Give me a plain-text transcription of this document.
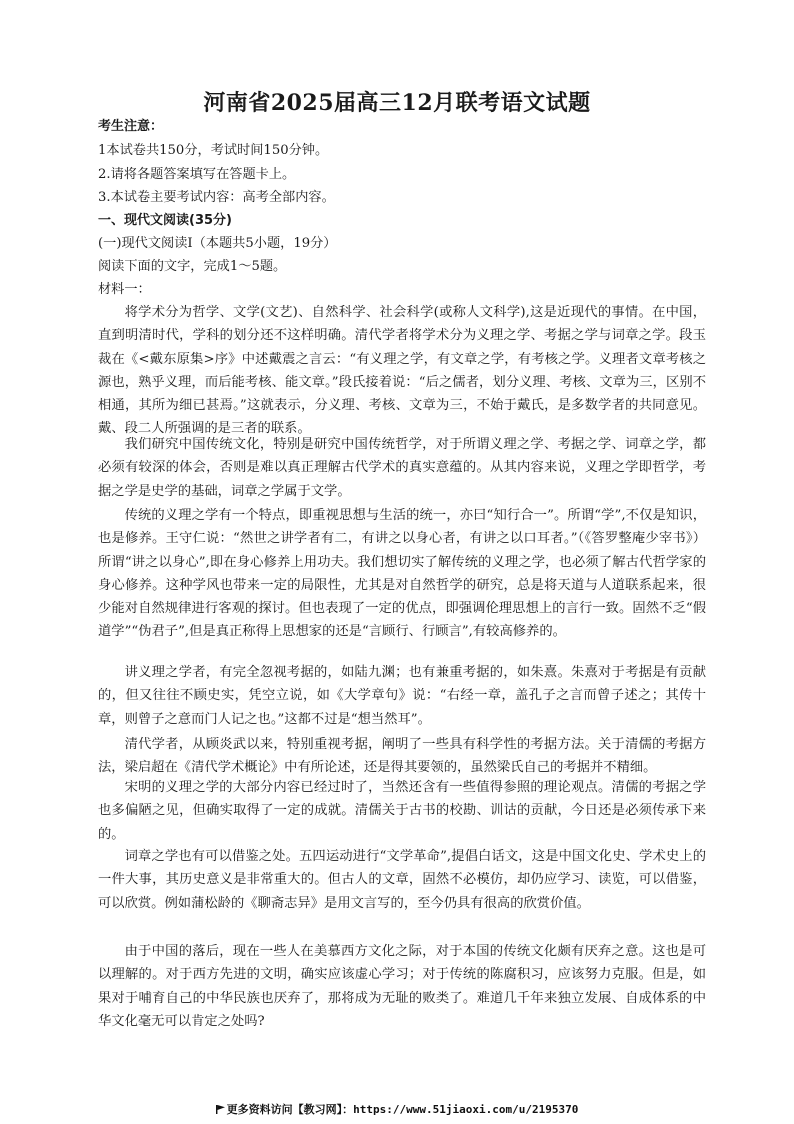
河南省2025届高三12月联考语文试题
考生注意：
1本试卷共150分，考试时间150分钟。
2.请将各题答案填写在答题卡上。
3.本试卷主要考试内容：高考全部内容。
一、现代文阅读(35分)
(一)现代文阅读Ⅰ（本题共5小题，19分）
阅读下面的文字，完成1～5题。
材料一：

将学术分为哲学、文学(文艺)、自然科学、社会科学(或称人文科学),这是近现代的事情。在中国，直到明清时代，学科的划分还不这样明确。清代学者将学术分为义理之学、考据之学与词章之学。段玉裁在《<戴东原集>序》中述戴震之言云：“有义理之学，有文章之学，有考核之学。义理者文章考核之源也，熟乎义理，而后能考核、能文章。”段氏接着说：“后之儒者，划分义理、考核、文章为三，区别不相通，其所为细已甚焉。”这就表示，分义理、考核、文章为三，不始于戴氏，是多数学者的共同意见。戴、段二人所强调的是三者的联系。

我们研究中国传统文化，特别是研究中国传统哲学，对于所谓义理之学、考据之学、词章之学，都必须有较深的体会，否则是难以真正理解古代学术的真实意蕴的。从其内容来说，义理之学即哲学，考据之学是史学的基础，词章之学属于文学。

传统的义理之学有一个特点，即重视思想与生活的统一，亦曰“知行合一”。所谓“学”,不仅是知识，也是修养。王守仁说：“然世之讲学者有二，有讲之以身心者，有讲之以口耳者。”（《答罗整庵少宰书》）所谓“讲之以身心”,即在身心修养上用功夫。我们想切实了解传统的义理之学，也必须了解古代哲学家的身心修养。这种学风也带来一定的局限性，尤其是对自然哲学的研究，总是将天道与人道联系起来，很少能对自然规律进行客观的探讨。但也表现了一定的优点，即强调伦理思想上的言行一致。固然不乏“假道学”“伪君子”,但是真正称得上思想家的还是“言顾行、行顾言”,有较高修养的。

讲义理之学者，有完全忽视考据的，如陆九渊；也有兼重考据的，如朱熹。朱熹对于考据是有贡献的，但又往往不顾史实，凭空立说，如《大学章句》说：“右经一章，盖孔子之言而曾子述之；其传十章，则曾子之意而门人记之也。”这都不过是“想当然耳”。

清代学者，从顾炎武以来，特别重视考据，阐明了一些具有科学性的考据方法。关于清儒的考据方法，梁启超在《清代学术概论》中有所论述，还是得其要领的，虽然梁氏自己的考据并不精细。

宋明的义理之学的大部分内容已经过时了，当然还含有一些值得参照的理论观点。清儒的考据之学也多偏陋之见，但确实取得了一定的成就。清儒关于古书的校勘、训诂的贡献，今日还是必须传承下来的。

词章之学也有可以借鉴之处。五四运动进行“文学革命”,提倡白话文，这是中国文化史、学术史上的一件大事，其历史意义是非常重大的。但古人的文章，固然不必模仿，却仍应学习、读览，可以借鉴，可以欣赏。例如蒲松龄的《聊斋志异》是用文言写的，至今仍具有很高的欣赏价值。

由于中国的落后，现在一些人在美慕西方文化之际，对于本国的传统文化颇有厌弃之意。这也是可以理解的。对于西方先进的文明，确实应该虚心学习；对于传统的陈腐积习，应该努力克服。但是，如果对于哺育自己的中华民族也厌弃了，那将成为无耻的败类了。难道几千年来独立发展、自成体系的中华文化毫无可以肯定之处吗?

更多资料访问【教习网】：https://www.51jiaoxi.com/u/2195370
